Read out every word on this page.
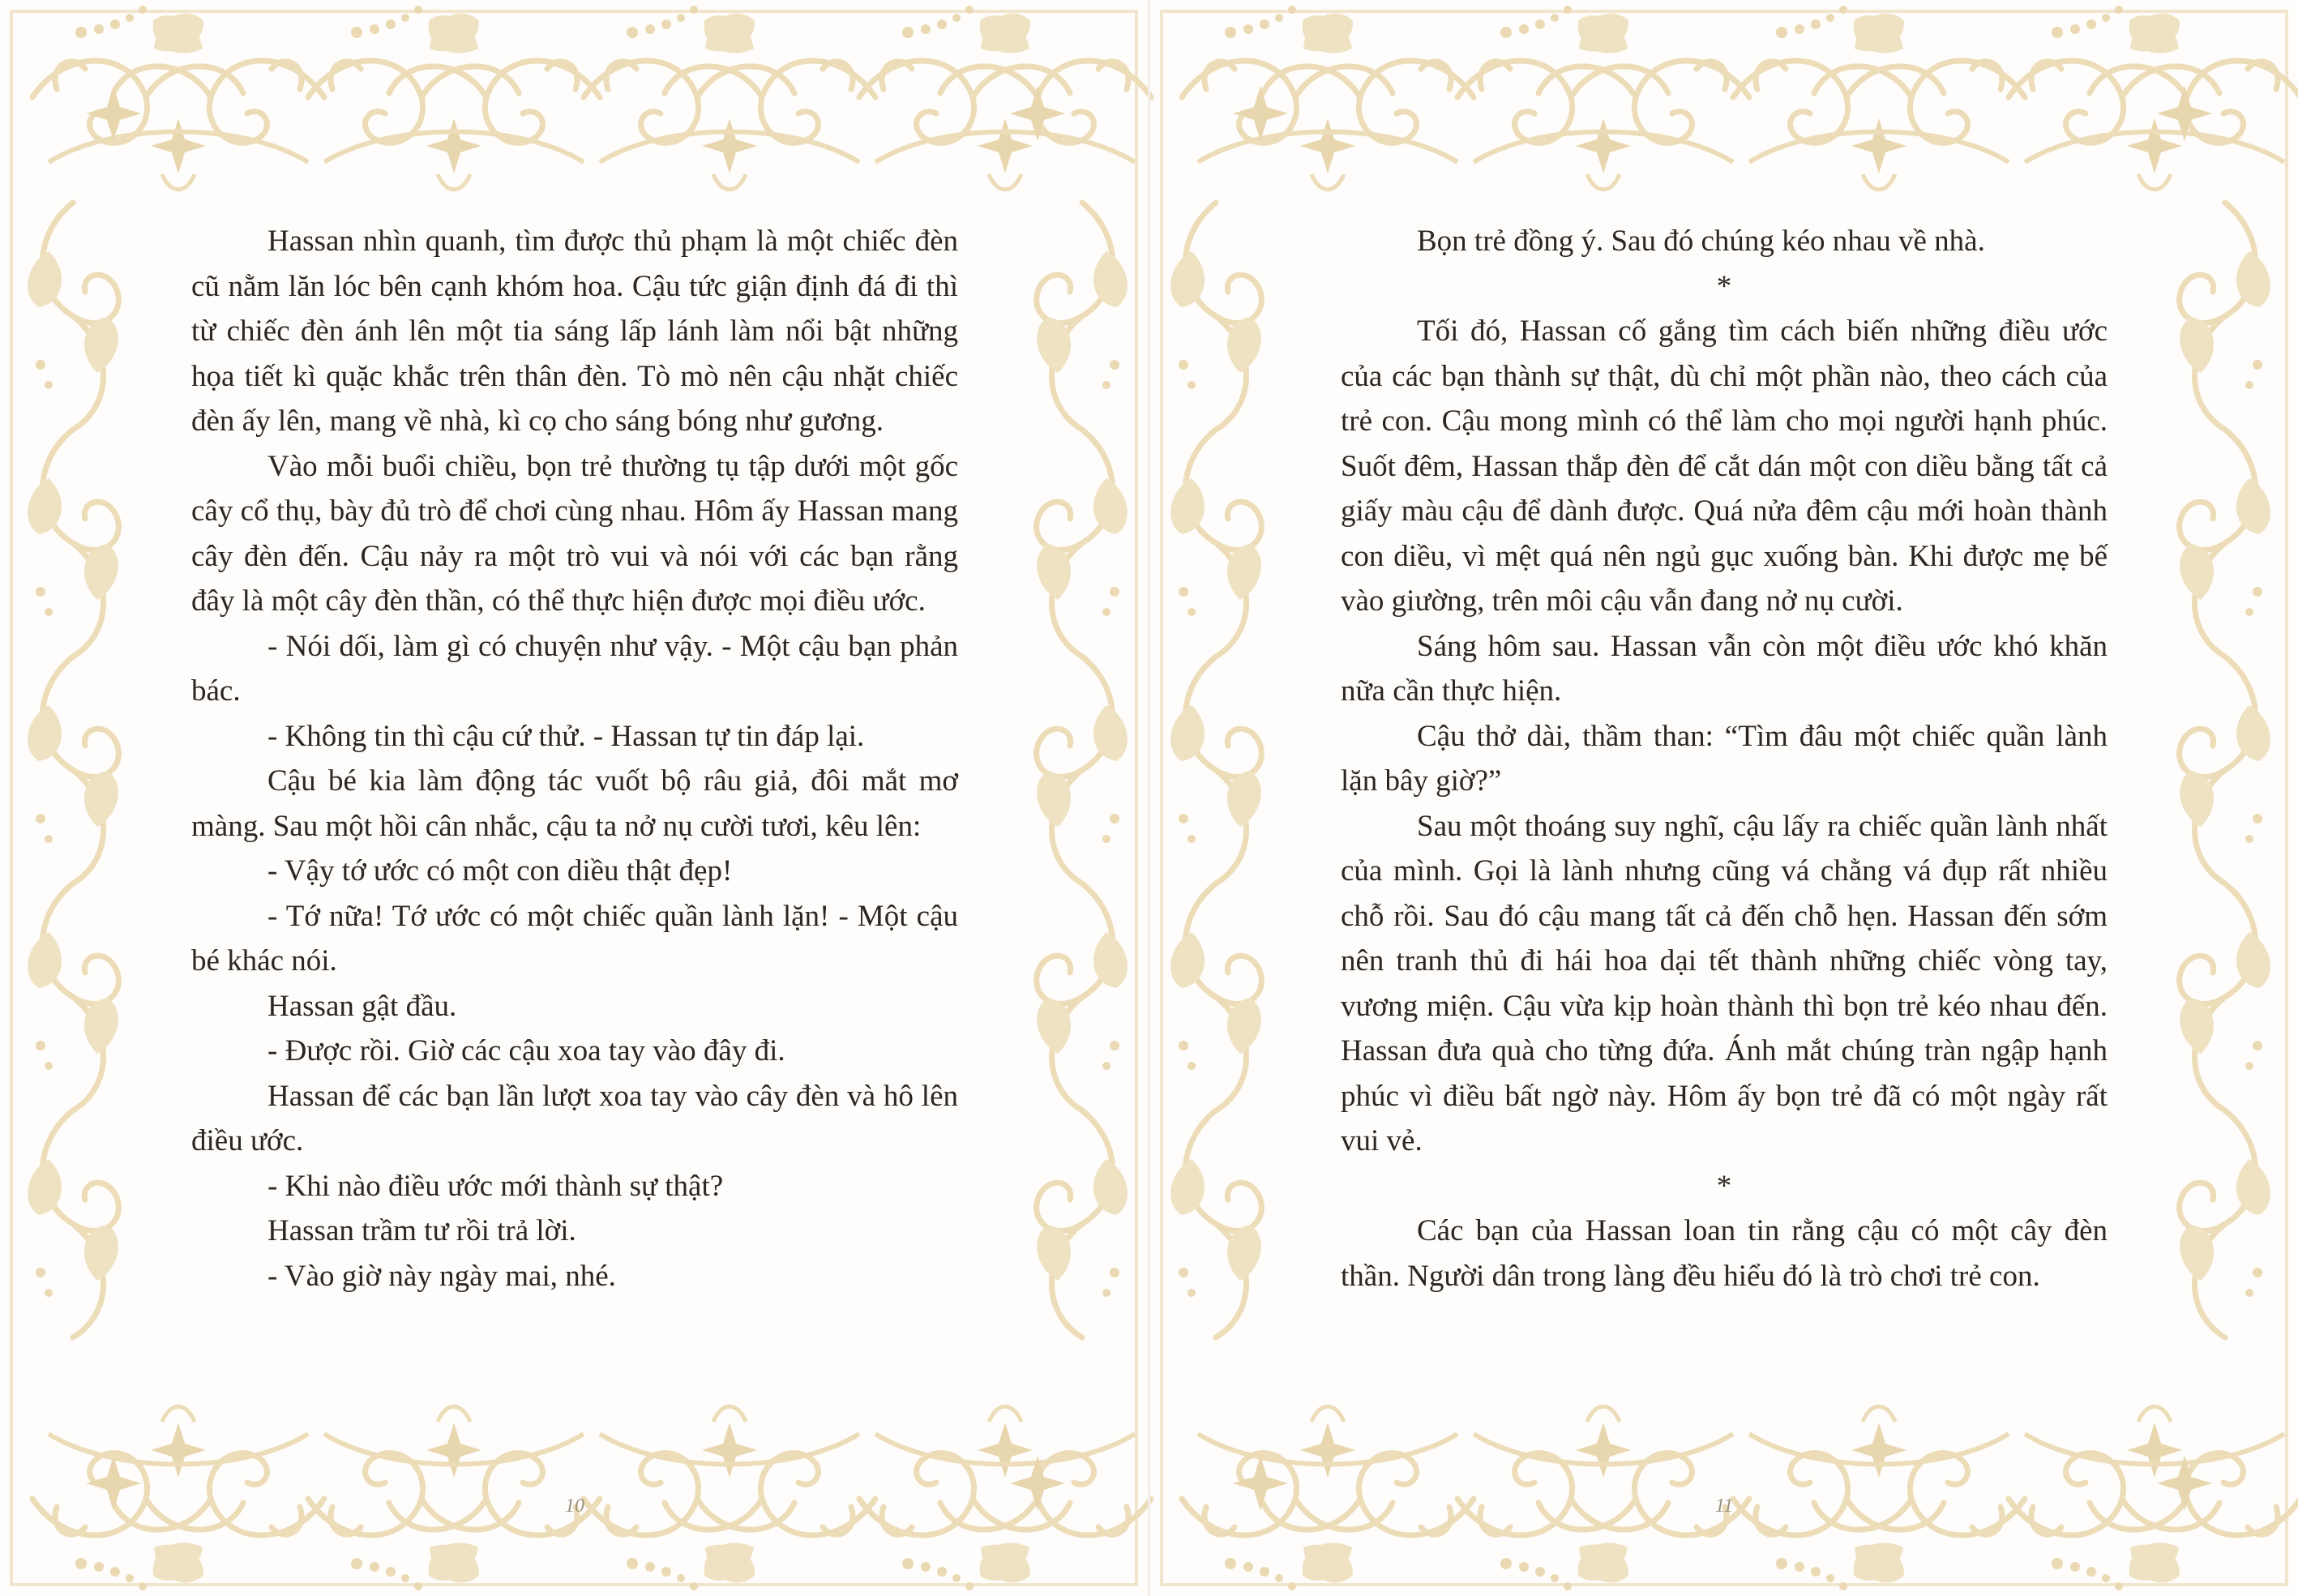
Hassan nhìn quanh, tìm được thủ phạm là một chiếc đèn cũ nằm lăn lóc bên cạnh khóm hoa. Cậu tức giận định đá đi thì từ chiếc đèn ánh lên một tia sáng lấp lánh làm nổi bật những họa tiết kì quặc khắc trên thân đèn. Tò mò nên cậu nhặt chiếc đèn ấy lên, mang về nhà, kì cọ cho sáng bóng như gương.

Vào mỗi buổi chiều, bọn trẻ thường tụ tập dưới một gốc cây cổ thụ, bày đủ trò để chơi cùng nhau. Hôm ấy Hassan mang cây đèn đến. Cậu nảy ra một trò vui và nói với các bạn rằng đây là một cây đèn thần, có thể thực hiện được mọi điều ước.

- Nói dối, làm gì có chuyện như vậy. - Một cậu bạn phản bác.

- Không tin thì cậu cứ thử. - Hassan tự tin đáp lại.

Cậu bé kia làm động tác vuốt bộ râu giả, đôi mắt mơ màng. Sau một hồi cân nhắc, cậu ta nở nụ cười tươi, kêu lên:

- Vậy tớ ước có một con diều thật đẹp!

- Tớ nữa! Tớ ước có một chiếc quần lành lặn! - Một cậu bé khác nói.

Hassan gật đầu.

- Được rồi. Giờ các cậu xoa tay vào đây đi.

Hassan để các bạn lần lượt xoa tay vào cây đèn và hô lên điều ước.

- Khi nào điều ước mới thành sự thật?

Hassan trầm tư rồi trả lời.

- Vào giờ này ngày mai, nhé.

10

Bọn trẻ đồng ý. Sau đó chúng kéo nhau về nhà.

*

Tối đó, Hassan cố gắng tìm cách biến những điều ước của các bạn thành sự thật, dù chỉ một phần nào, theo cách của trẻ con. Cậu mong mình có thể làm cho mọi người hạnh phúc. Suốt đêm, Hassan thắp đèn để cắt dán một con diều bằng tất cả giấy màu cậu để dành được. Quá nửa đêm cậu mới hoàn thành con diều, vì mệt quá nên ngủ gục xuống bàn. Khi được mẹ bế vào giường, trên môi cậu vẫn đang nở nụ cười.

Sáng hôm sau. Hassan vẫn còn một điều ước khó khăn nữa cần thực hiện.

Cậu thở dài, thầm than: “Tìm đâu một chiếc quần lành lặn bây giờ?”

Sau một thoáng suy nghĩ, cậu lấy ra chiếc quần lành nhất của mình. Gọi là lành nhưng cũng vá chằng vá đụp rất nhiều chỗ rồi. Sau đó cậu mang tất cả đến chỗ hẹn. Hassan đến sớm nên tranh thủ đi hái hoa dại tết thành những chiếc vòng tay, vương miện. Cậu vừa kịp hoàn thành thì bọn trẻ kéo nhau đến. Hassan đưa quà cho từng đứa. Ánh mắt chúng tràn ngập hạnh phúc vì điều bất ngờ này. Hôm ấy bọn trẻ đã có một ngày rất vui vẻ.

*

Các bạn của Hassan loan tin rằng cậu có một cây đèn thần. Người dân trong làng đều hiểu đó là trò chơi trẻ con.

11
